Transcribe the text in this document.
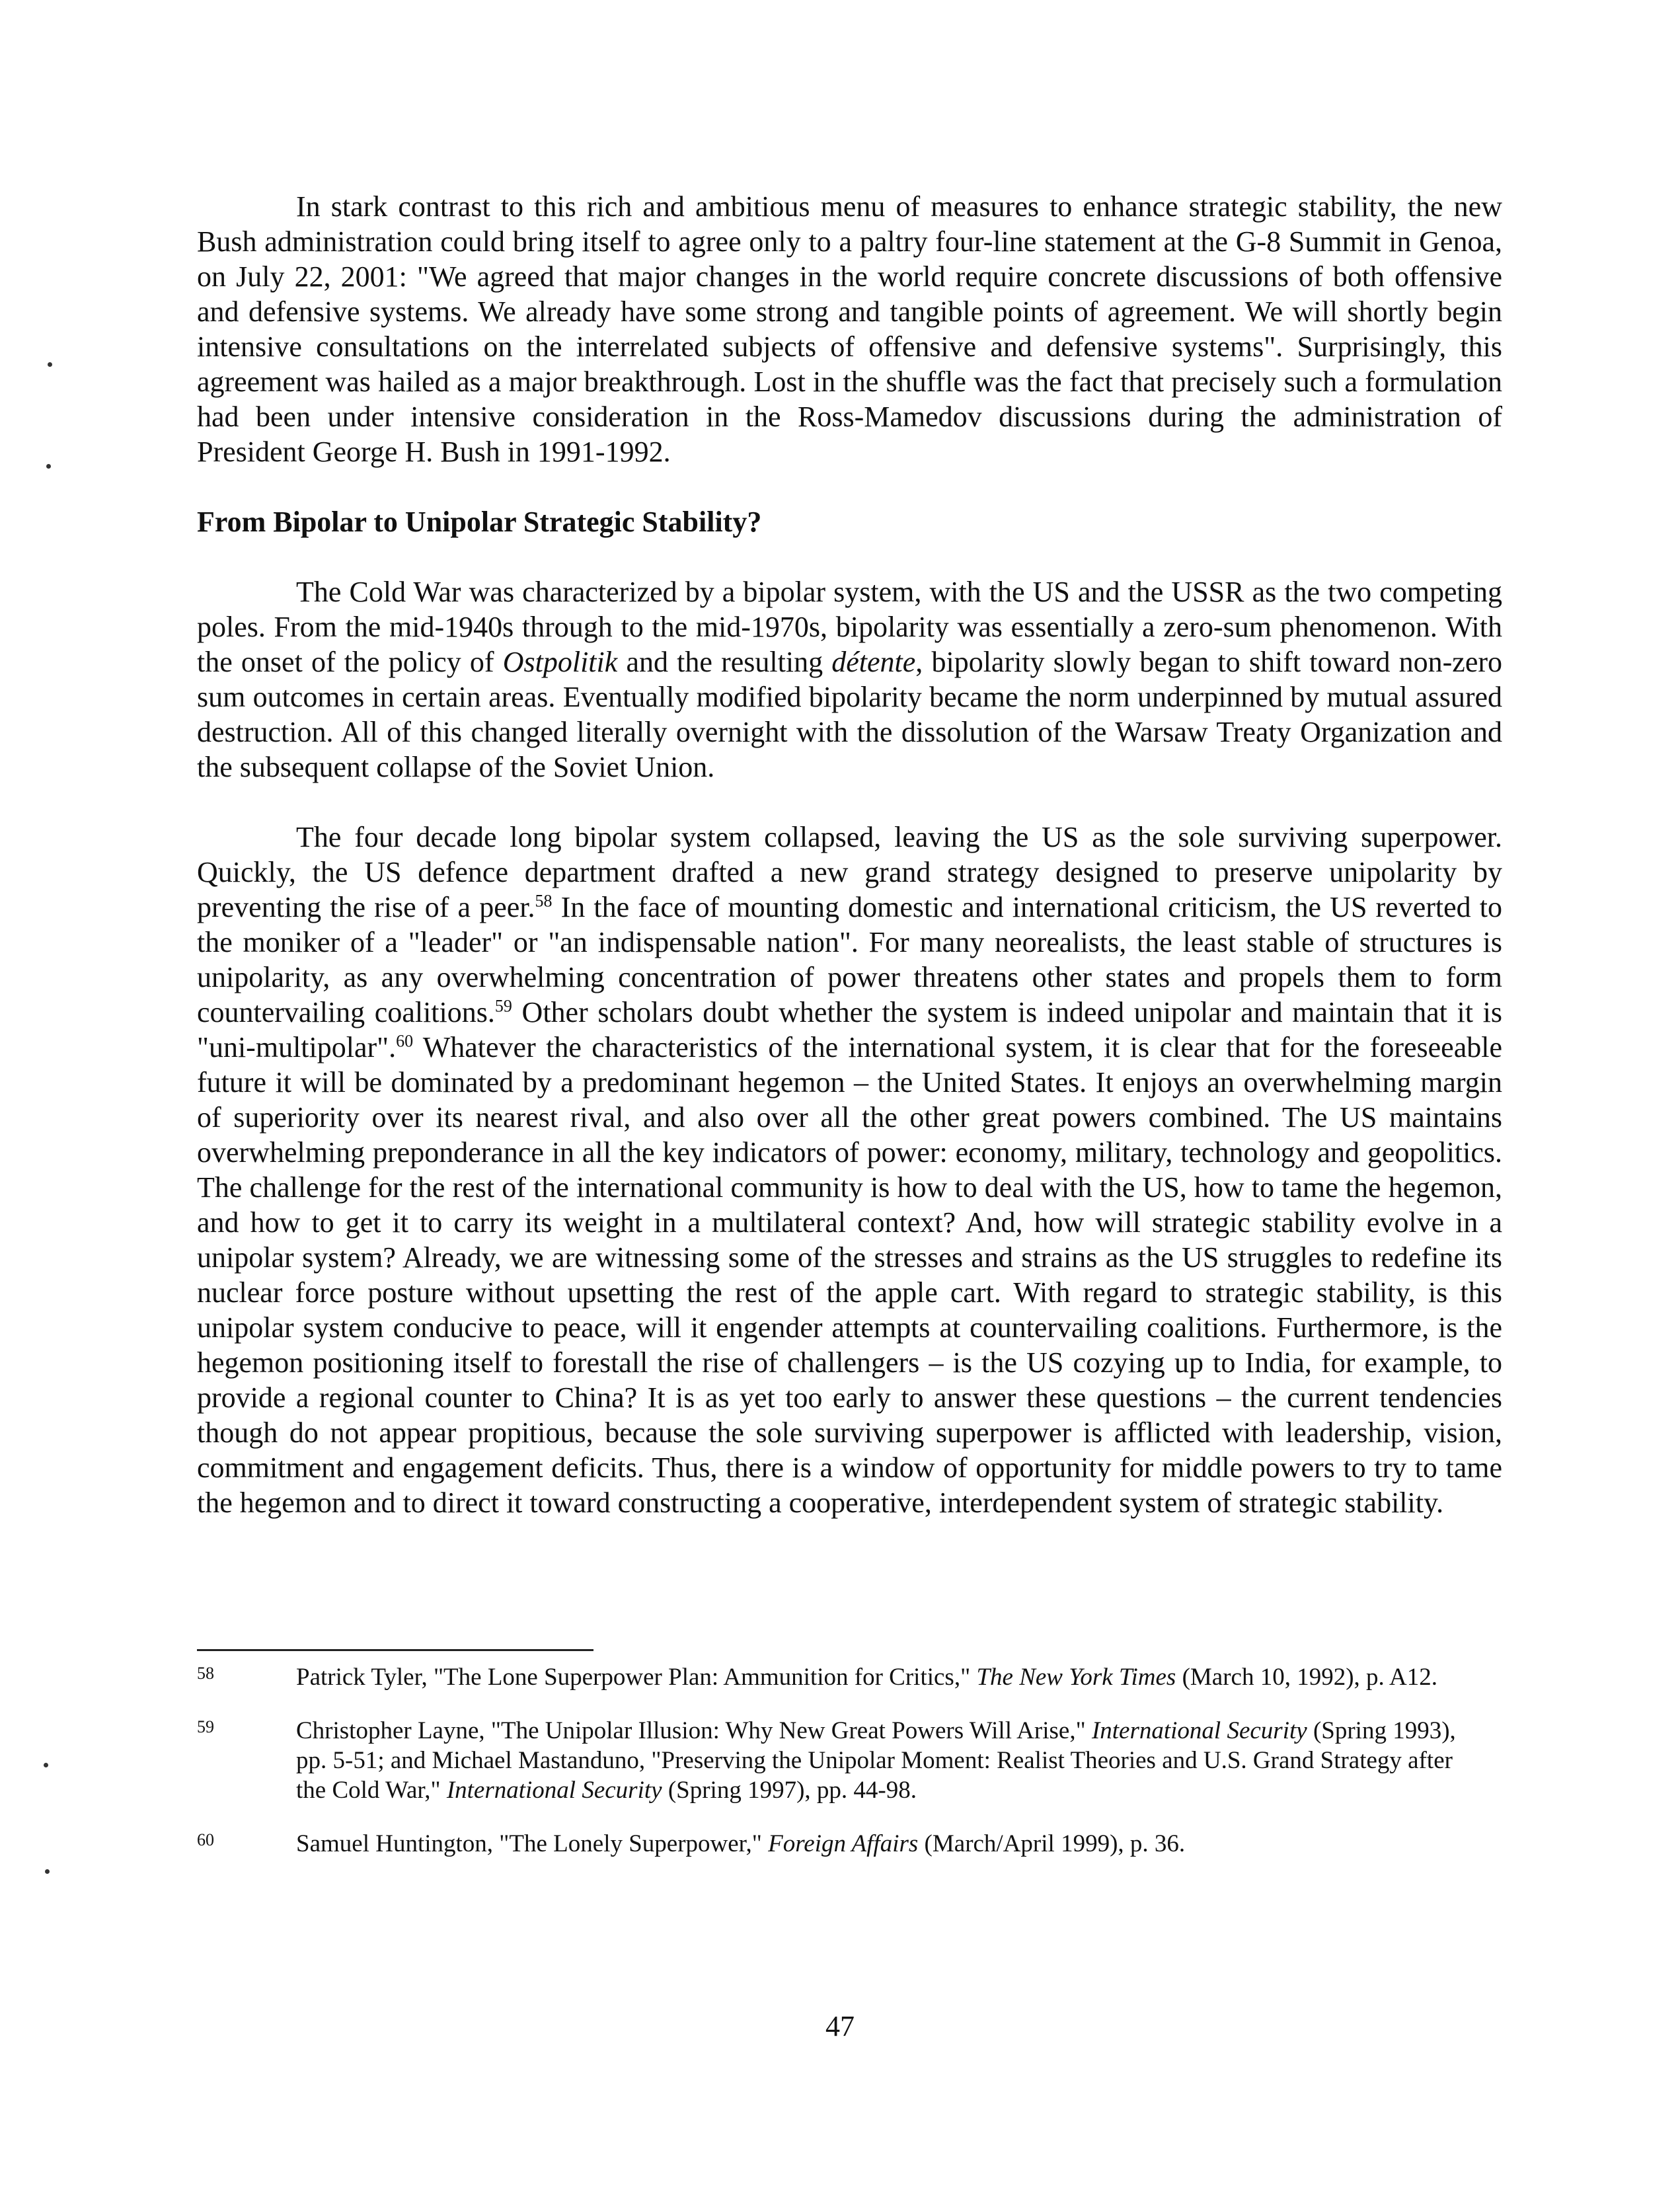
In stark contrast to this rich and ambitious menu of measures to enhance strategic stability, the new Bush administration could bring itself to agree only to a paltry four-line statement at the G-8 Summit in Genoa, on July 22, 2001: "We agreed that major changes in the world require concrete discussions of both offensive and defensive systems. We already have some strong and tangible points of agreement. We will shortly begin intensive consultations on the interrelated subjects of offensive and defensive systems". Surprisingly, this agreement was hailed as a major breakthrough. Lost in the shuffle was the fact that precisely such a formulation had been under intensive consideration in the Ross-Mamedov discussions during the administration of President George H. Bush in 1991-1992.

From Bipolar to Unipolar Strategic Stability?

The Cold War was characterized by a bipolar system, with the US and the USSR as the two competing poles. From the mid-1940s through to the mid-1970s, bipolarity was essentially a zero-sum phenomenon. With the onset of the policy of Ostpolitik and the resulting détente, bipolarity slowly began to shift toward non-zero sum outcomes in certain areas. Eventually modified bipolarity became the norm underpinned by mutual assured destruction. All of this changed literally overnight with the dissolution of the Warsaw Treaty Organization and the subsequent collapse of the Soviet Union.

The four decade long bipolar system collapsed, leaving the US as the sole surviving superpower. Quickly, the US defence department drafted a new grand strategy designed to preserve unipolarity by preventing the rise of a peer.$^{58}$ In the face of mounting domestic and international criticism, the US reverted to the moniker of a "leader" or "an indispensable nation". For many neorealists, the least stable of structures is unipolarity, as any overwhelming concentration of power threatens other states and propels them to form countervailing coalitions.$^{59}$ Other scholars doubt whether the system is indeed unipolar and maintain that it is "uni-multipolar".$^{60}$ Whatever the characteristics of the international system, it is clear that for the foreseeable future it will be dominated by a predominant hegemon – the United States. It enjoys an overwhelming margin of superiority over its nearest rival, and also over all the other great powers combined. The US maintains overwhelming preponderance in all the key indicators of power: economy, military, technology and geopolitics. The challenge for the rest of the international community is how to deal with the US, how to tame the hegemon, and how to get it to carry its weight in a multilateral context? And, how will strategic stability evolve in a unipolar system? Already, we are witnessing some of the stresses and strains as the US struggles to redefine its nuclear force posture without upsetting the rest of the apple cart. With regard to strategic stability, is this unipolar system conducive to peace, will it engender attempts at countervailing coalitions. Furthermore, is the hegemon positioning itself to forestall the rise of challengers – is the US cozying up to India, for example, to provide a regional counter to China? It is as yet too early to answer these questions – the current tendencies though do not appear propitious, because the sole surviving superpower is afflicted with leadership, vision, commitment and engagement deficits. Thus, there is a window of opportunity for middle powers to try to tame the hegemon and to direct it toward constructing a cooperative, interdependent system of strategic stability.

58	Patrick Tyler, "The Lone Superpower Plan: Ammunition for Critics," The New York Times (March 10, 1992), p. A12.
59	Christopher Layne, "The Unipolar Illusion: Why New Great Powers Will Arise," International Security (Spring 1993), pp. 5-51; and Michael Mastanduno, "Preserving the Unipolar Moment: Realist Theories and U.S. Grand Strategy after the Cold War," International Security (Spring 1997), pp. 44-98.
60	Samuel Huntington, "The Lonely Superpower," Foreign Affairs (March/April 1999), p. 36.
47
